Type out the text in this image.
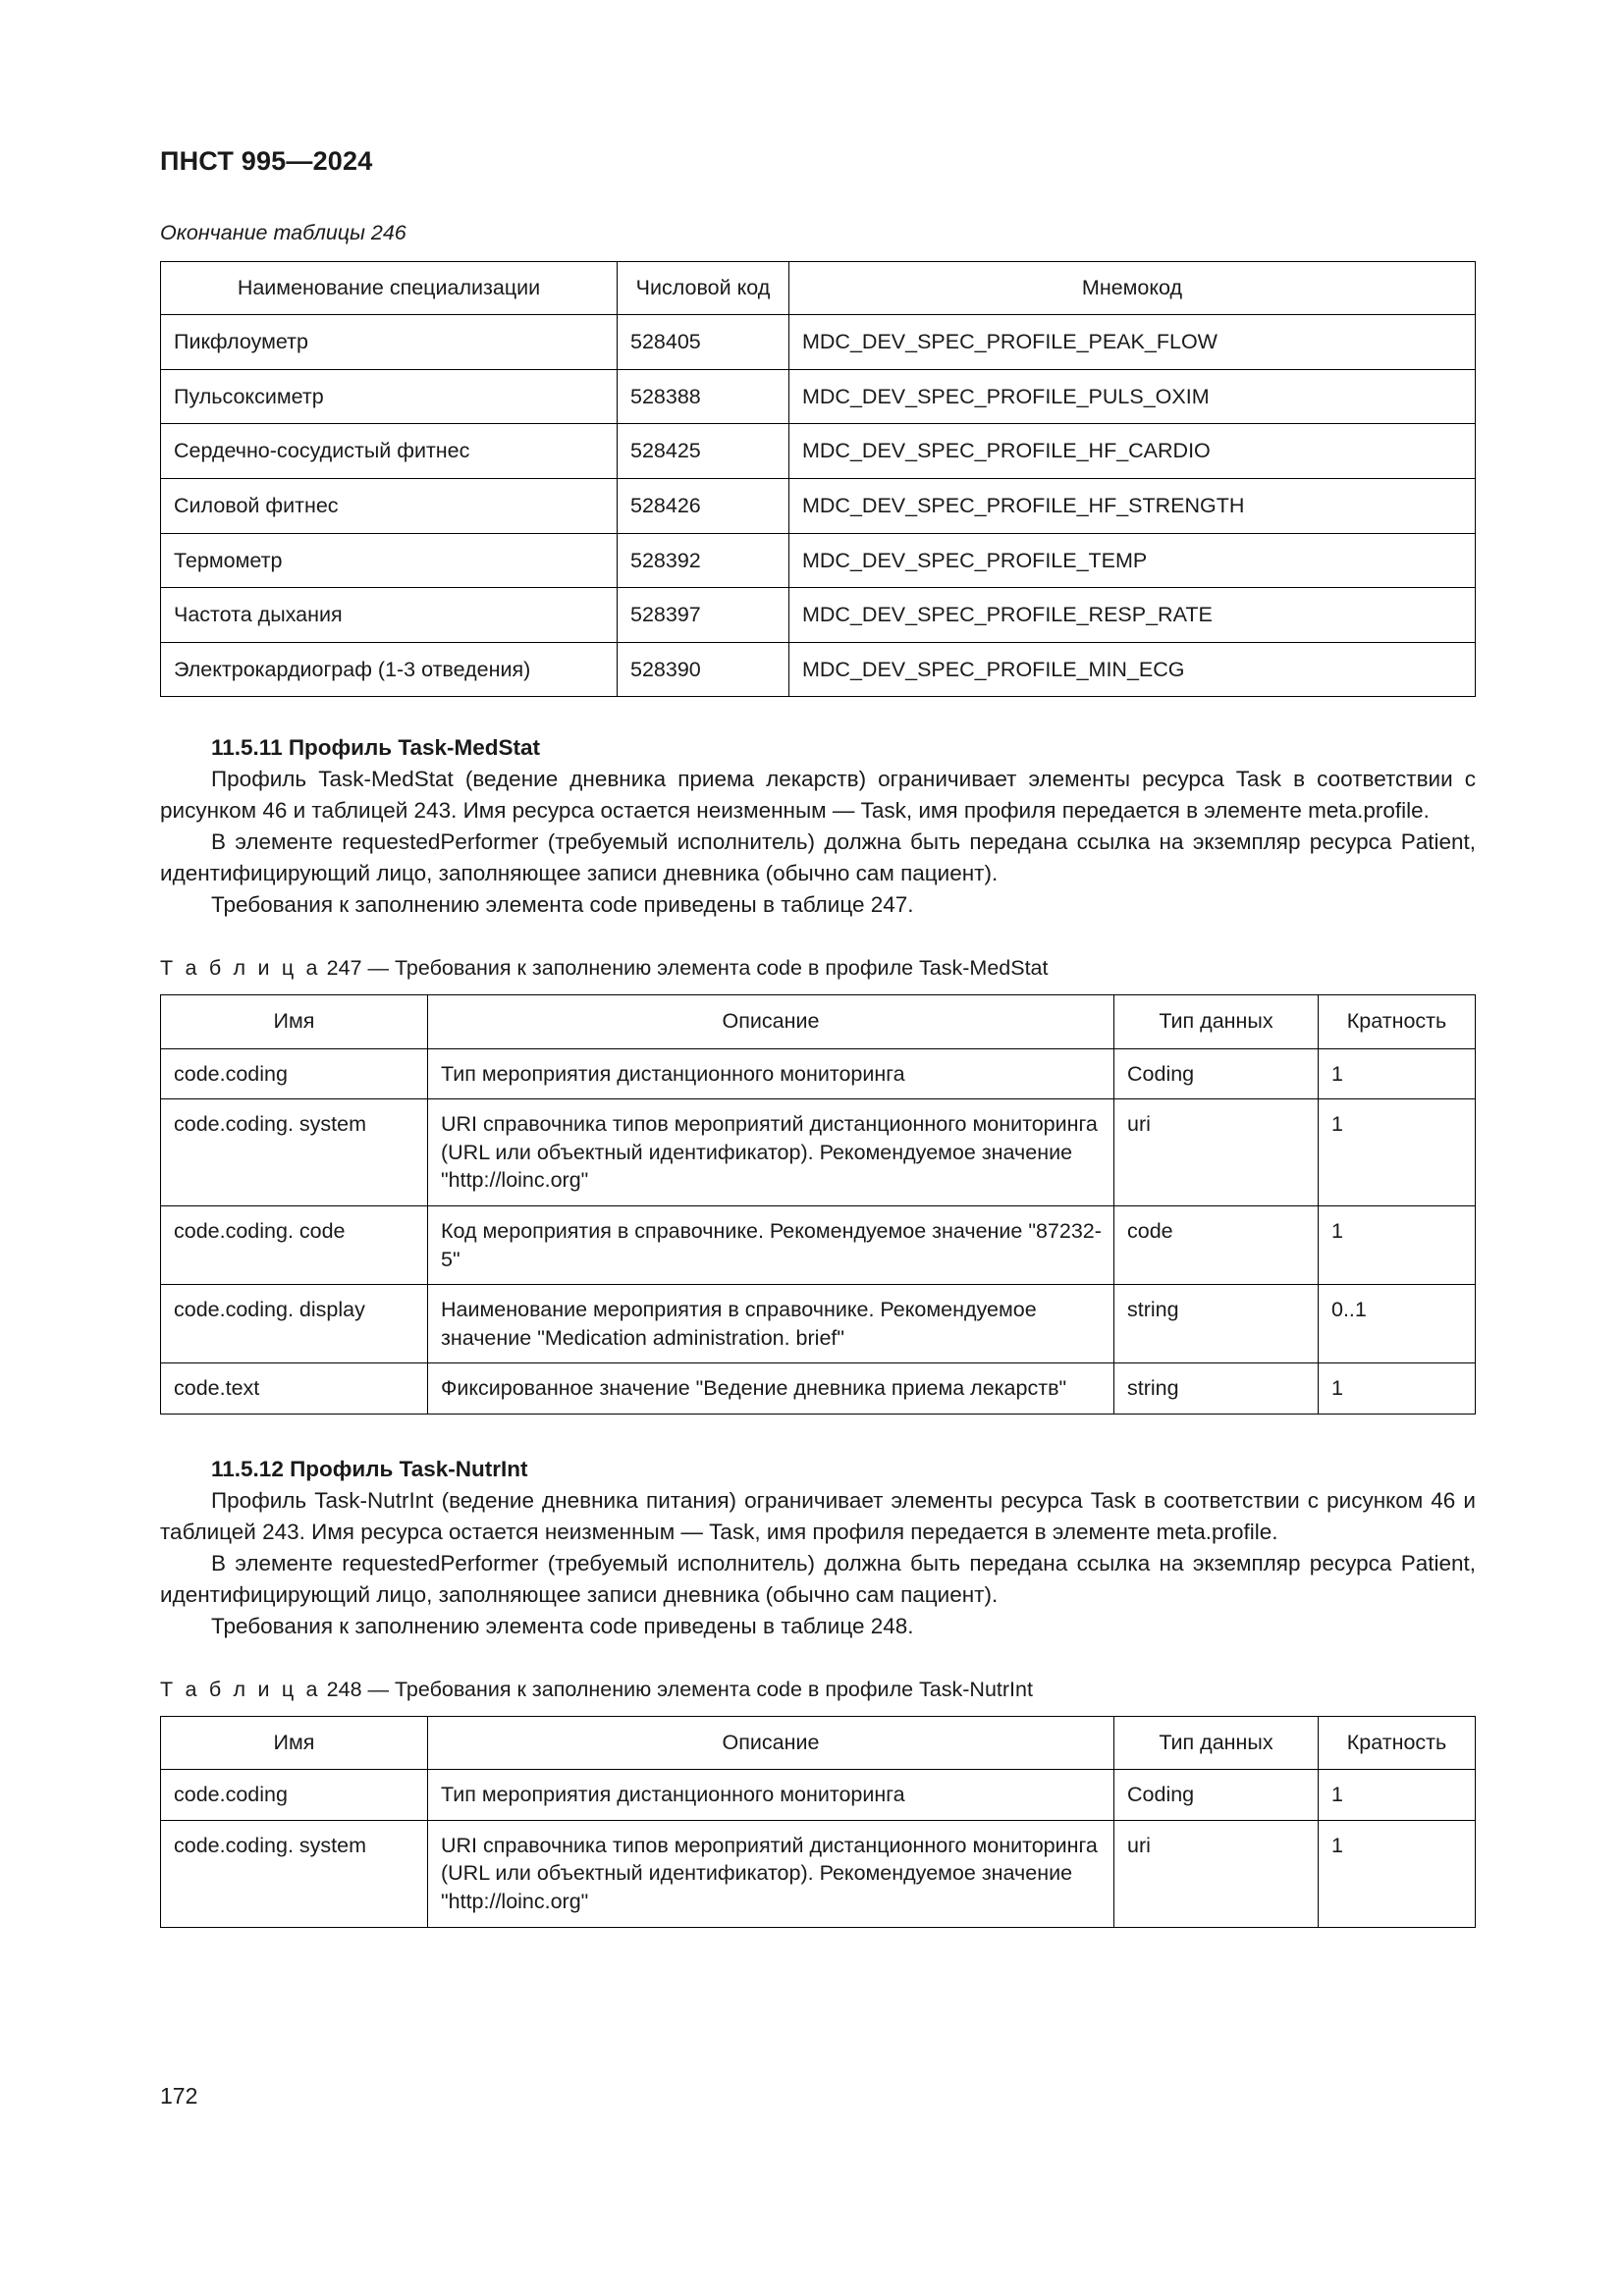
ПНСТ 995—2024
Окончание таблицы 246
Наименование специализации	Числовой код	Мнемокод
Пикфлоуметр	528405	MDC_DEV_SPEC_PROFILE_PEAK_FLOW
Пульсоксиметр	528388	MDC_DEV_SPEC_PROFILE_PULS_OXIM
Сердечно-сосудистый фитнес	528425	MDC_DEV_SPEC_PROFILE_HF_CARDIO
Силовой фитнес	528426	MDC_DEV_SPEC_PROFILE_HF_STRENGTH
Термометр	528392	MDC_DEV_SPEC_PROFILE_TEMP
Частота дыхания	528397	MDC_DEV_SPEC_PROFILE_RESP_RATE
Электрокардиограф (1-3 отведения)	528390	MDC_DEV_SPEC_PROFILE_MIN_ECG
11.5.11 Профиль Task-MedStat

Профиль Task-MedStat (ведение дневника приема лекарств) ограничивает элементы ресурса Task в соответствии с рисунком 46 и таблицей 243. Имя ресурса остается неизменным — Task, имя профиля передается в элементе meta.profile.

В элементе requestedPerformer (требуемый исполнитель) должна быть передана ссылка на экземпляр ресурса Patient, идентифицирующий лицо, заполняющее записи дневника (обычно сам пациент).

Требования к заполнению элемента code приведены в таблице 247.

Т а б л и ц а 247 — Требования к заполнению элемента code в профиле Task-MedStat
Имя	Описание	Тип данных	Кратность
code.coding	Тип мероприятия дистанционного мониторинга	Coding	1
code.coding. system	URI справочника типов мероприятий дистанционного мониторинга (URL или объектный идентификатор). Рекомендуемое значение "http://loinc.org"	uri	1
code.coding. code	Код мероприятия в справочнике. Рекомендуемое значение "87232-5"	code	1
code.coding. display	Наименование мероприятия в справочнике. Рекомендуемое значение "Medication administration. brief"	string	0..1
code.text	Фиксированное значение "Ведение дневника приема лекарств"	string	1
11.5.12 Профиль Task-NutrInt

Профиль Task-NutrInt (ведение дневника питания) ограничивает элементы ресурса Task в соответствии с рисунком 46 и таблицей 243. Имя ресурса остается неизменным — Task, имя профиля передается в элементе meta.profile.

В элементе requestedPerformer (требуемый исполнитель) должна быть передана ссылка на экземпляр ресурса Patient, идентифицирующий лицо, заполняющее записи дневника (обычно сам пациент).

Требования к заполнению элемента code приведены в таблице 248.

Т а б л и ц а 248 — Требования к заполнению элемента code в профиле Task-NutrInt
Имя	Описание	Тип данных	Кратность
code.coding	Тип мероприятия дистанционного мониторинга	Coding	1
code.coding. system	URI справочника типов мероприятий дистанционного мониторинга (URL или объектный идентификатор). Рекомендуемое значение "http://loinc.org"	uri	1
172
